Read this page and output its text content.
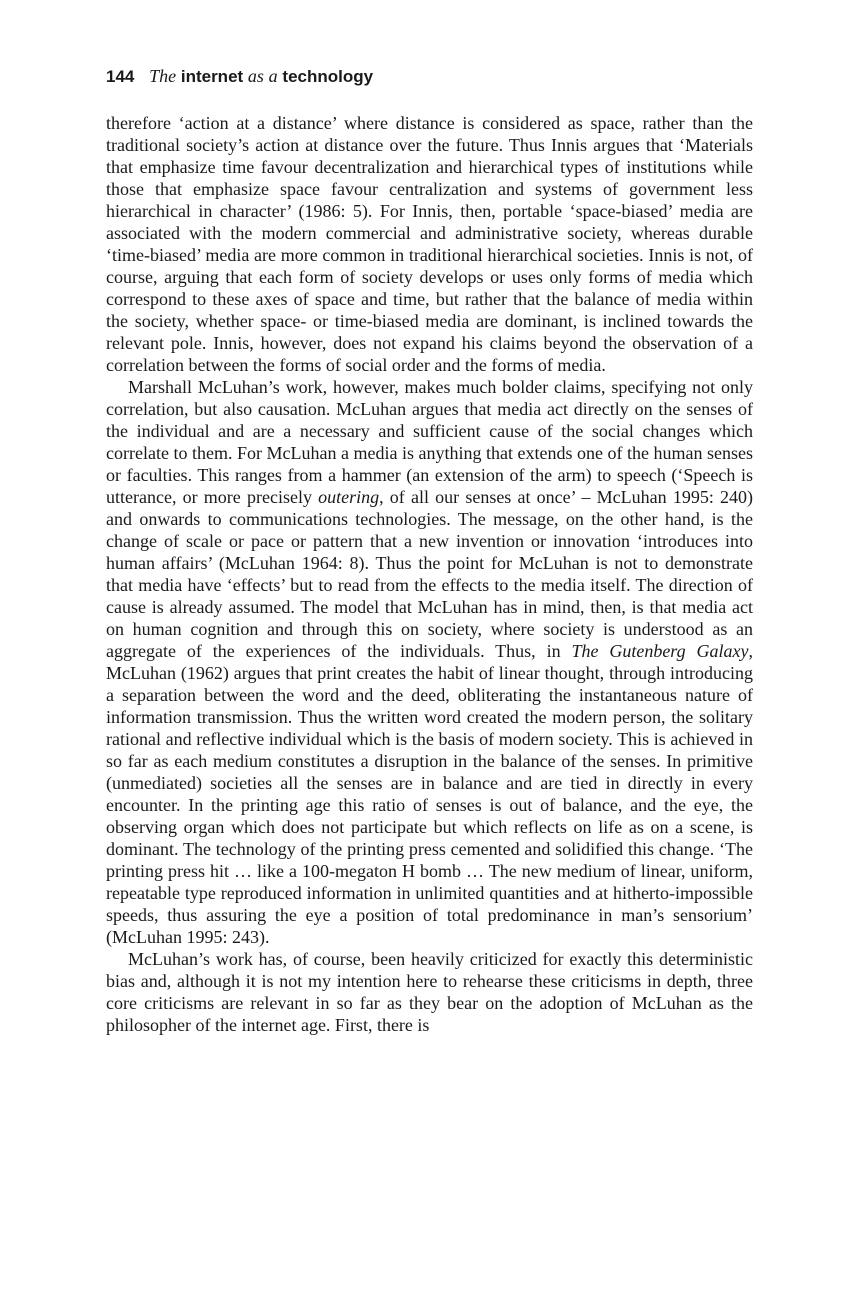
144 The internet as a technology

therefore ‘action at a distance’ where distance is considered as space, rather than the traditional society’s action at distance over the future. Thus Innis argues that ‘Materials that emphasize time favour decentralization and hierarchical types of institutions while those that emphasize space favour centralization and systems of government less hierarchical in character’ (1986: 5). For Innis, then, portable ‘space-biased’ media are associated with the modern commercial and administrative society, whereas durable ‘time-biased’ media are more common in traditional hierarchical societies. Innis is not, of course, arguing that each form of society develops or uses only forms of media which correspond to these axes of space and time, but rather that the balance of media within the society, whether space- or time-biased media are dominant, is inclined towards the relevant pole. Innis, however, does not expand his claims beyond the observation of a correlation between the forms of social order and the forms of media.

Marshall McLuhan’s work, however, makes much bolder claims, specifying not only correlation, but also causation. McLuhan argues that media act directly on the senses of the individual and are a necessary and sufficient cause of the social changes which correlate to them. For McLuhan a media is anything that extends one of the human senses or faculties. This ranges from a hammer (an extension of the arm) to speech (‘Speech is utterance, or more precisely outering, of all our senses at once’ – McLuhan 1995: 240) and onwards to communications technologies. The message, on the other hand, is the change of scale or pace or pattern that a new invention or innovation ‘introduces into human affairs’ (McLuhan 1964: 8). Thus the point for McLuhan is not to demonstrate that media have ‘effects’ but to read from the effects to the media itself. The direction of cause is already assumed. The model that McLuhan has in mind, then, is that media act on human cognition and through this on society, where society is understood as an aggregate of the experiences of the individuals. Thus, in The Gutenberg Galaxy, McLuhan (1962) argues that print creates the habit of linear thought, through introducing a separation between the word and the deed, obliterating the instantaneous nature of information transmission. Thus the written word created the modern person, the solitary rational and reflective individual which is the basis of modern society. This is achieved in so far as each medium constitutes a disruption in the balance of the senses. In primitive (unmediated) societies all the senses are in balance and are tied in directly in every encounter. In the printing age this ratio of senses is out of balance, and the eye, the observing organ which does not participate but which reflects on life as on a scene, is dominant. The technology of the printing press cemented and solidified this change. ‘The printing press hit … like a 100-megaton H bomb … The new medium of linear, uniform, repeatable type reproduced information in unlimited quantities and at hitherto-impossible speeds, thus assuring the eye a position of total predominance in man’s sensorium’ (McLuhan 1995: 243).

McLuhan’s work has, of course, been heavily criticized for exactly this deterministic bias and, although it is not my intention here to rehearse these criticisms in depth, three core criticisms are relevant in so far as they bear on the adoption of McLuhan as the philosopher of the internet age. First, there is
